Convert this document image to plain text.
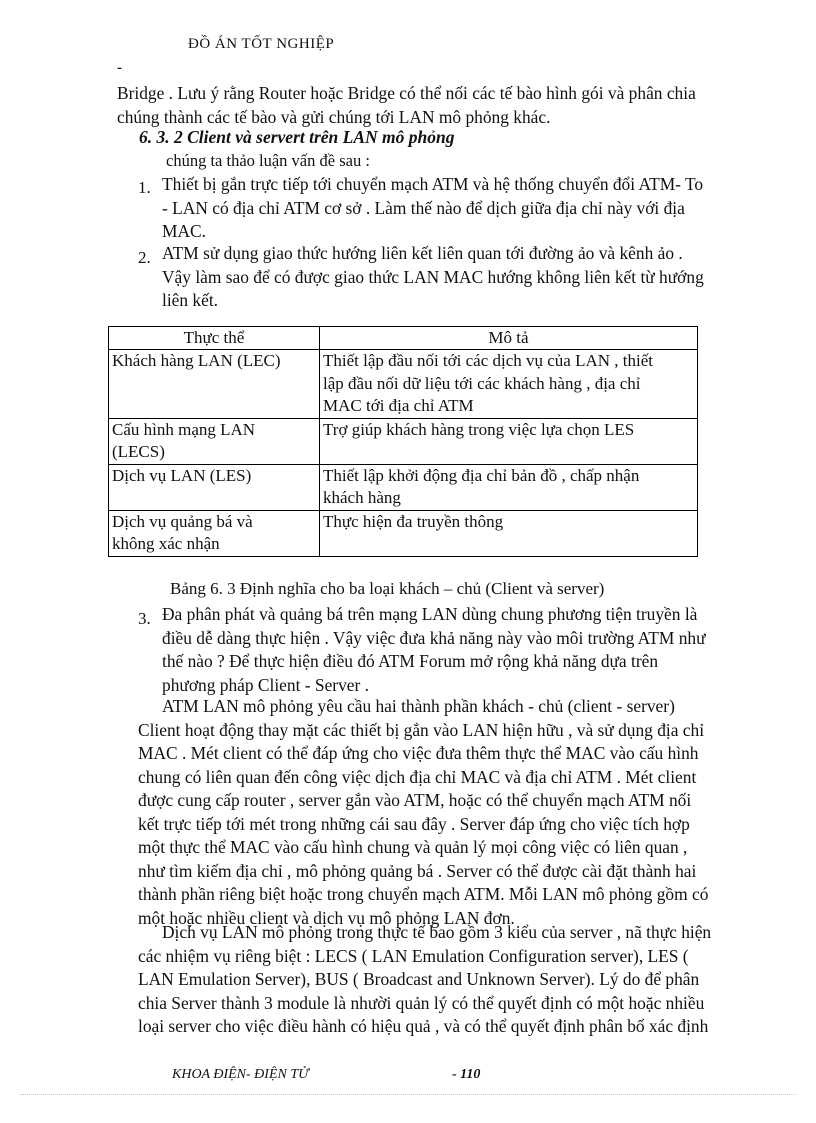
ĐỒ ÁN TỐT NGHIỆP
-
Bridge . Lưu ý rằng Router hoặc Bridge có thể nối các tế bào hình gói và phân chia
chúng thành các tế bào và gửi chúng tới LAN mô phỏng khác.
6. 3. 2 Client và servert trên LAN mô phỏng
chúng ta thảo luận vấn đề sau :
1. Thiết bị gắn trực tiếp tới chuyển mạch ATM và hệ thống chuyển đổi ATM- To
- LAN có địa chỉ ATM cơ sở . Làm thế nào để dịch giữa địa chỉ này với địa
MAC.
2. ATM sử dụng giao thức hướng liên kết liên quan tới đường ảo và kênh ảo .
Vậy làm sao để có được giao thức LAN MAC hướng không liên kết từ hướng
liên kết.
Thực thể	Mô tả

Khách hàng LAN (LEC)	Thiết lập đầu nối tới các dịch vụ của LAN , thiết
lập đầu nối dữ liệu tới các khách hàng , địa chỉ
MAC tới địa chỉ ATM

Cấu hình mạng LAN
(LECS)	Trợ giúp khách hàng trong việc lựa chọn LES

Dịch vụ LAN (LES)	Thiết lập khởi động địa chỉ bản đồ , chấp nhận
khách hàng

Dịch vụ quảng bá và
không xác nhận	Thực hiện đa truyền thông
Bảng 6. 3 Định nghĩa cho ba loại khách – chủ (Client và server)
3. Đa phân phát và quảng bá trên mạng LAN dùng chung phương tiện truyền là
điều dễ dàng thực hiện . Vậy việc đưa khả năng này vào môi trường ATM như
thế nào ? Để thực hiện điều đó ATM Forum mở rộng khả năng dựa trên
phương pháp Client - Server .
ATM LAN mô phỏng yêu cầu hai thành phần khách - chủ (client - server)
Client hoạt động thay mặt các thiết bị gắn vào LAN hiện hữu , và sử dụng địa chỉ
MAC . Mét client có thể đáp ứng cho việc đưa thêm thực thể MAC vào cấu hình
chung có liên quan đến công việc dịch địa chỉ MAC và địa chỉ ATM . Mét client
được cung cấp router , server gắn vào ATM, hoặc có thể chuyển mạch ATM nối
kết trực tiếp tới mét trong những cái sau đây . Server đáp ứng cho việc tích hợp
một thực thể MAC vào cấu hình chung và quản lý mọi công việc có liên quan ,
như tìm kiếm địa chỉ , mô phỏng quảng bá . Server có thể được cài đặt thành hai
thành phần riêng biệt hoặc trong chuyển mạch ATM. Mỗi LAN mô phỏng gồm có
một hoặc nhiều client và dịch vụ mô phỏng LAN đơn.
Dịch vụ LAN mô phỏng trong thực tế bao gồm 3 kiểu của server , nã thực hiện
các nhiệm vụ riêng biệt : LECS ( LAN Emulation Configuration server), LES (
LAN Emulation Server), BUS ( Broadcast and Unknown Server). Lý do để phân
chia Server thành 3 module là nhười quản lý có thể quyết định có một hoặc nhiều
loại server cho việc điều hành có hiệu quả , và có thể quyết định phân bố xác định
KHOA ĐIỆN- ĐIỆN TỬ	- 110
